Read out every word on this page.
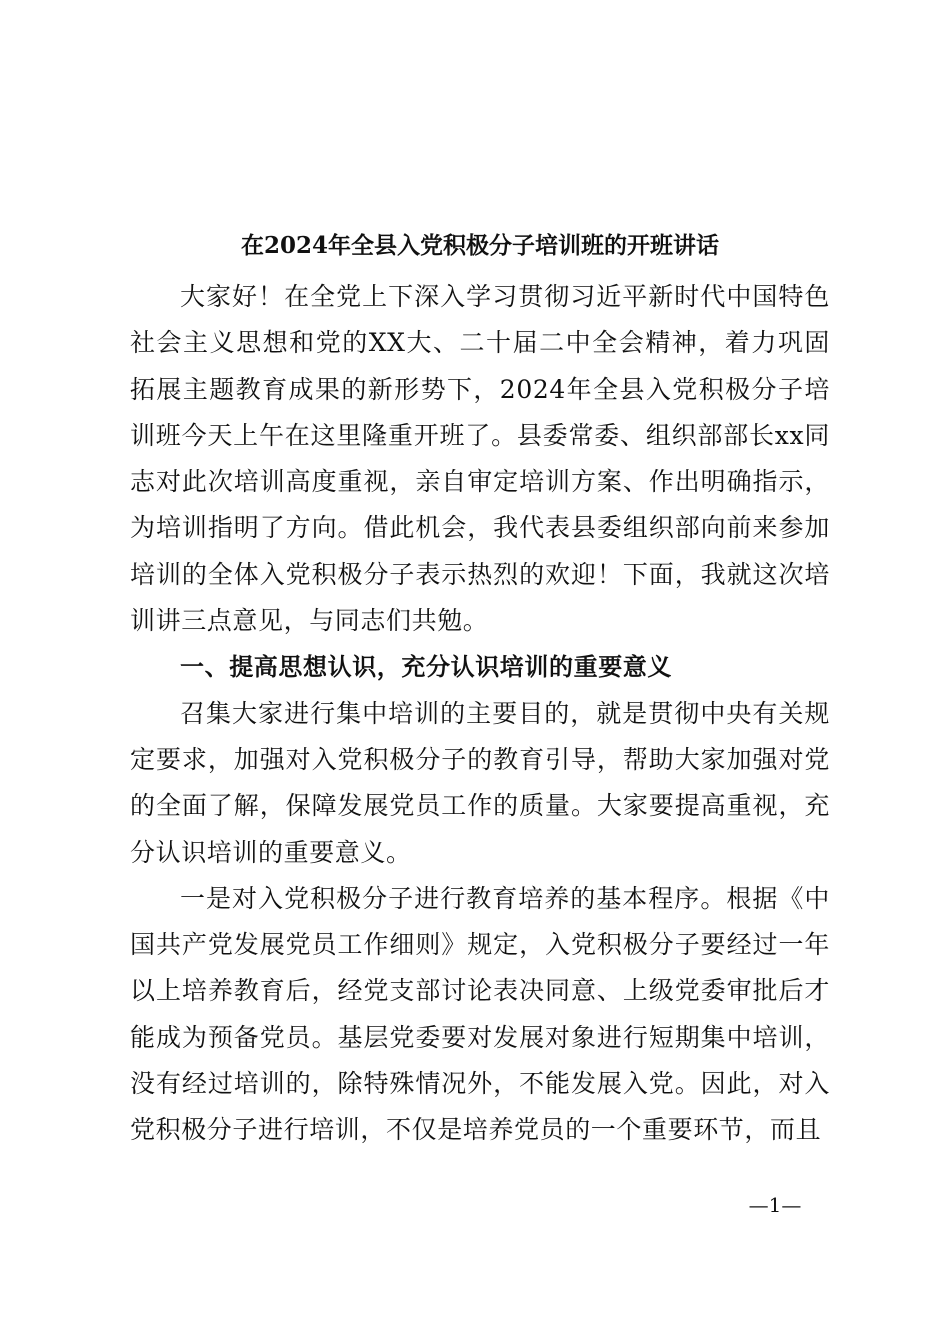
在2024年全县入党积极分子培训班的开班讲话

大家好！在全党上下深入学习贯彻习近平新时代中国特色社会主义思想和党的XX大、二十届二中全会精神，着力巩固拓展主题教育成果的新形势下，2024年全县入党积极分子培训班今天上午在这里隆重开班了。县委常委、组织部部长xx同志对此次培训高度重视，亲自审定培训方案、作出明确指示，为培训指明了方向。借此机会，我代表县委组织部向前来参加培训的全体入党积极分子表示热烈的欢迎！下面，我就这次培训讲三点意见，与同志们共勉。

一、提高思想认识，充分认识培训的重要意义

召集大家进行集中培训的主要目的，就是贯彻中央有关规定要求，加强对入党积极分子的教育引导，帮助大家加强对党的全面了解，保障发展党员工作的质量。大家要提高重视，充分认识培训的重要意义。

一是对入党积极分子进行教育培养的基本程序。根据《中国共产党发展党员工作细则》规定，入党积极分子要经过一年以上培养教育后，经党支部讨论表决同意、上级党委审批后才能成为预备党员。基层党委要对发展对象进行短期集中培训，没有经过培训的，除特殊情况外，不能发展入党。因此，对入党积极分子进行培训，不仅是培养党员的一个重要环节，而且

—1—
